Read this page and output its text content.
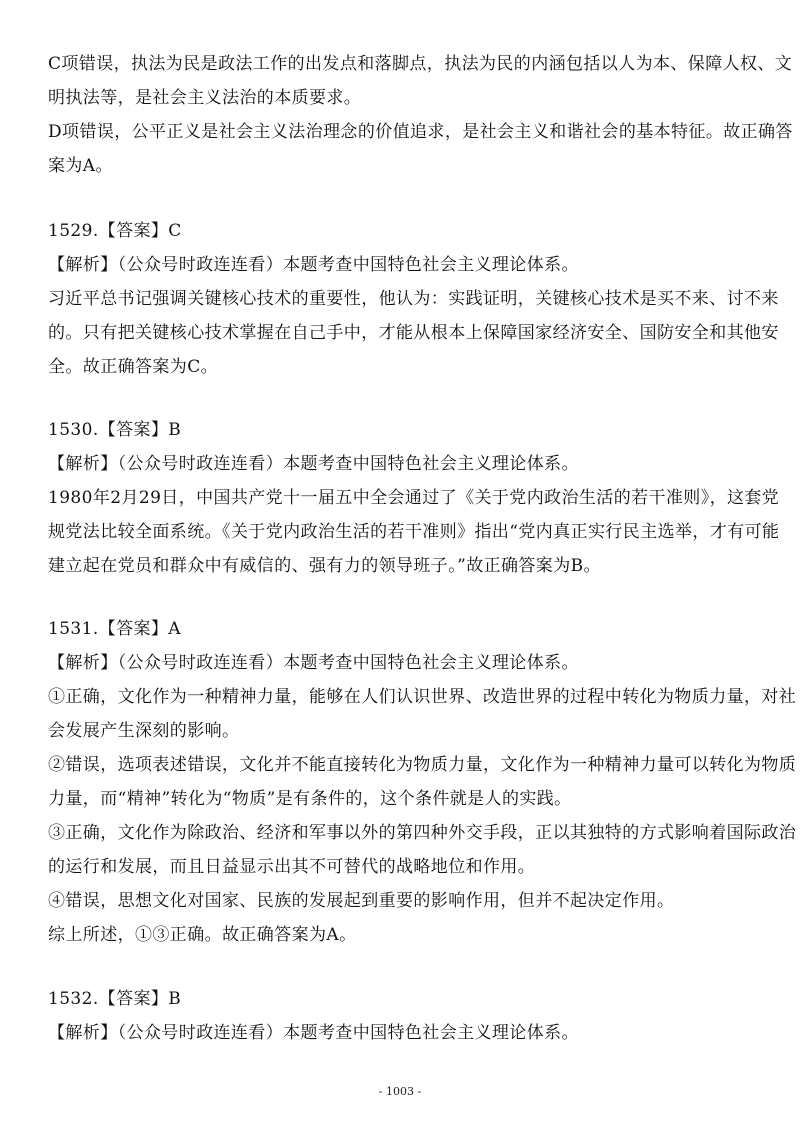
C项错误，执法为民是政法工作的出发点和落脚点，执法为民的内涵包括以人为本、保障人权、文
明执法等，是社会主义法治的本质要求。
D项错误，公平正义是社会主义法治理念的价值追求，是社会主义和谐社会的基本特征。故正确答
案为A。
1529.【答案】C
【解析】（公众号时政连连看）本题考查中国特色社会主义理论体系。
习近平总书记强调关键核心技术的重要性，他认为：实践证明，关键核心技术是买不来、讨不来
的。只有把关键核心技术掌握在自己手中，才能从根本上保障国家经济安全、国防安全和其他安
全。故正确答案为C。
1530.【答案】B
【解析】（公众号时政连连看）本题考查中国特色社会主义理论体系。
1980年2月29日，中国共产党十一届五中全会通过了《关于党内政治生活的若干准则》，这套党
规党法比较全面系统。《关于党内政治生活的若干准则》指出“党内真正实行民主选举，才有可能
建立起在党员和群众中有威信的、强有力的领导班子。”故正确答案为B。
1531.【答案】A
【解析】（公众号时政连连看）本题考查中国特色社会主义理论体系。
①正确，文化作为一种精神力量，能够在人们认识世界、改造世界的过程中转化为物质力量，对社
会发展产生深刻的影响。
②错误，选项表述错误，文化并不能直接转化为物质力量，文化作为一种精神力量可以转化为物质
力量，而“精神”转化为“物质”是有条件的，这个条件就是人的实践。
③正确，文化作为除政治、经济和军事以外的第四种外交手段，正以其独特的方式影响着国际政治
的运行和发展，而且日益显示出其不可替代的战略地位和作用。
④错误，思想文化对国家、民族的发展起到重要的影响作用，但并不起决定作用。
综上所述，①③正确。故正确答案为A。
1532.【答案】B
【解析】（公众号时政连连看）本题考查中国特色社会主义理论体系。
- 1003 -
